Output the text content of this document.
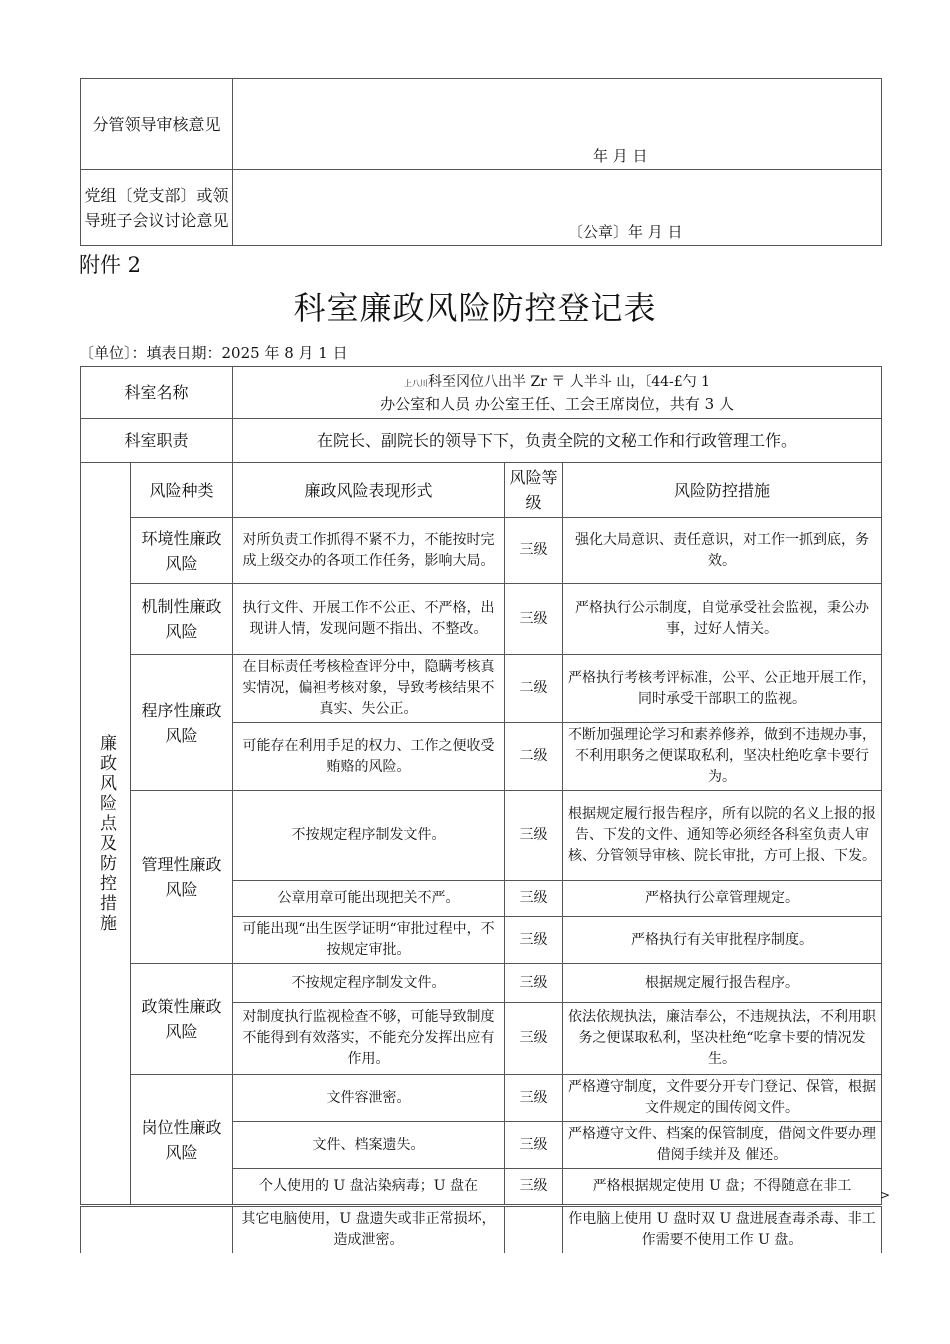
分管领导审核意见	年 月 日
党组〔党支部〕或领导班子会议讨论意见	〔公章〕年 月 日
附件 2
科室廉政风险防控登记表
〔单位〕：填表日期：2025 年 8 月 1 日
科室名称		上八川科至冈位八出半 Zr 〒 人半斗 山，〔44-£勺 1
办公室和人员 办公室王任、工会王席岗位，共有 3 人		

科室职责		在院长、副院长的领导下下，负责全院的文秘工作和行政管理工作。		
廉政风险点及防控措施	风险种类	廉政风险表现形式	风险等级	风险防控措施
	环境性廉政风险	对所负责工作抓得不紧不力，不能按时完成上级交办的各项工作任务，影响大局。	三级	强化大局意识、责任意识，对工作一抓到底，务效。
	机制性廉政风险	执行文件、开展工作不公正、不严格，出现讲人情，发现问题不指出、不整改。	三级	严格执行公示制度，自觉承受社会监视，秉公办事，过好人情关。
	程序性廉政风险	在目标责任考核检查评分中，隐瞒考核真实情况，偏袒考核对象，导致考核结果不真实、失公正。	二级	严格执行考核考评标准，公平、公正地开展工作，同时承受干部职工的监视。
		可能存在利用手足的权力、工作之便收受贿赂的风险。	二级	不断加强理论学习和素养修养，做到不违规办事，不利用职务之便谋取私利，坚决杜绝吃拿卡要行为。
	管理性廉政风险	不按规定程序制发文件。	三级	根据规定履行报告程序，所有以院的名义上报的报告、下发的文件、通知等必须经各科室负责人审核、分管领导审核、院长审批，方可上报、下发。
		公章用章可能出现把关不严。	三级	严格执行公章管理规定。
		可能出现“出生医学证明“审批过程中，不按规定审批。	三级	严格执行有关审批程序制度。
	政策性廉政风险	不按规定程序制发文件。	三级	根据规定履行报告程序。
		对制度执行监视检查不够，可能导致制度不能得到有效落实，不能充分发挥出应有作用。	三级	依法依规执法，廉洁奉公，不违规执法，不利用职务之便谋取私利，坚决杜绝“吃拿卡要的情况发生。
	岗位性廉政风险	文件容泄密。	三级	严格遵守制度，文件要分开专门登记、保管，根据文件规定的围传阅文件。
		文件、档案遗失。	三级	严格遵守文件、档案的保管制度，借阅文件要办理借阅手续并及 催还。
		个人使用的 U 盘沾染病毒；U 盘在	三级	严格根据规定使用 U 盘；不得随意在非工
>
	其它电脑使用，U 盘遗失或非正常损坏，造成泄密。		作电脑上使用 U 盘时双 U 盘进展查毒杀毒、非工作需要不使用工作 U 盘。
